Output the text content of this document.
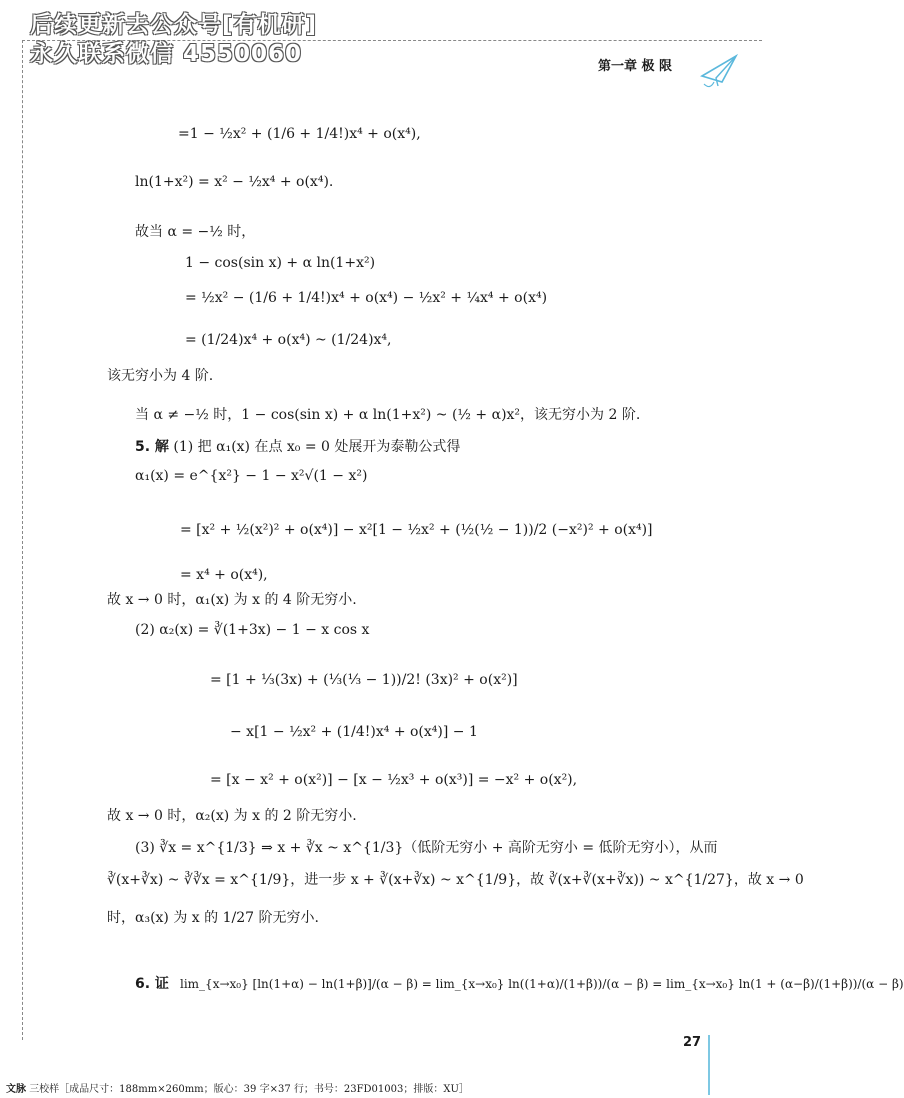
后续更新去公众号[有机研]
永久联系微信 4550060	第一章 极 限
=1 − ½x² + (1/6 + 1/4!)x⁴ + o(x⁴),
ln(1+x²) = x² − ½x⁴ + o(x⁴).
故当 α = −½ 时，
1 − cos(sin x) + α ln(1+x²)
= ½x² − (1/6 + 1/4!)x⁴ + o(x⁴) − ½x² + ¼x⁴ + o(x⁴)
= (1/24)x⁴ + o(x⁴) ~ (1/24)x⁴,
该无穷小为 4 阶.
当 α ≠ −½ 时，1 − cos(sin x) + α ln(1+x²) ~ (½ + α)x²，该无穷小为 2 阶.
5. 解 (1) 把 α₁(x) 在点 x₀ = 0 处展开为泰勒公式得
α₁(x) = e^{x²} − 1 − x²√(1 − x²)
= [x² + ½(x²)² + o(x⁴)] − x²[1 − ½x² + (½(½ − 1))/2 (−x²)² + o(x⁴)]
= x⁴ + o(x⁴),
故 x → 0 时，α₁(x) 为 x 的 4 阶无穷小.
(2) α₂(x) = ∛(1+3x) − 1 − x cos x
= [1 + ⅓(3x) + (⅓(⅓ − 1))/2! (3x)² + o(x²)]
− x[1 − ½x² + (1/4!)x⁴ + o(x⁴)] − 1
= [x − x² + o(x²)] − [x − ½x³ + o(x³)] = −x² + o(x²),
故 x → 0 时，α₂(x) 为 x 的 2 阶无穷小.
(3) ∛x = x^{1/3} ⇒ x + ∛x ~ x^{1/3}（低阶无穷小 + 高阶无穷小 = 低阶无穷小），从而
∛(x+∛x) ~ ∛∛x = x^{1/9}，进一步 x + ∛(x+∛x) ~ x^{1/9}，故 ∛(x+∛(x+∛x)) ~ x^{1/27}，故 x → 0
时，α₃(x) 为 x 的 1/27 阶无穷小.
6. 证 lim_{x→x₀} [ln(1+α) − ln(1+β)]/(α − β) = lim_{x→x₀} ln((1+α)/(1+β))/(α − β) = lim_{x→x₀} ln(1 + (α−β)/(1+β))/(α − β)
27
文脉 三校样［成品尺寸：188mm×260mm；版心：39 字×37 行；书号：23FD01003；排版：XU］
